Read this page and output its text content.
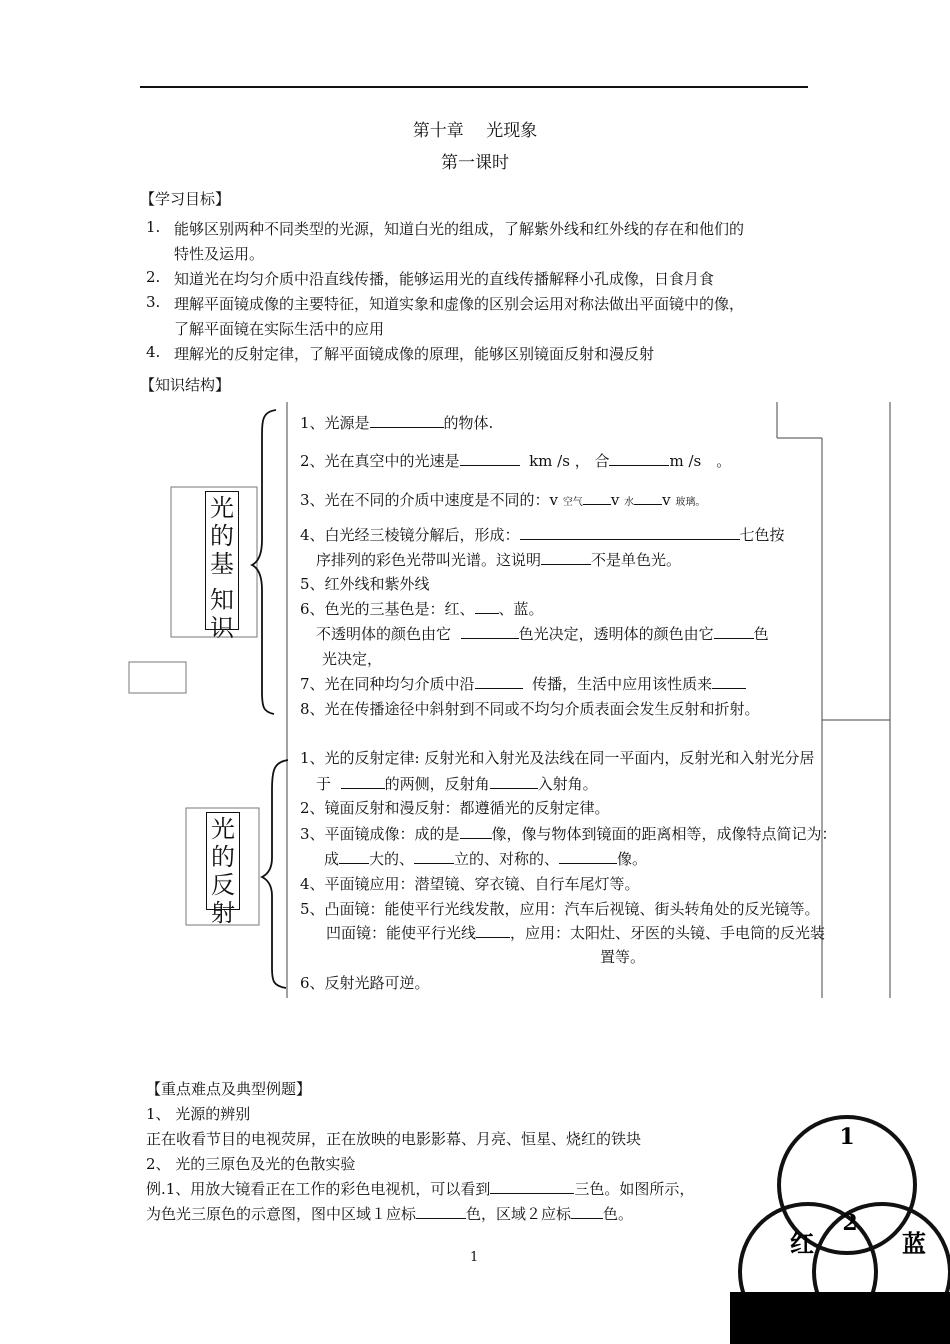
第十章　 光现象
第一课时
【学习目标】
1. 能够区别两种不同类型的光源，知道白光的组成，了解紫外线和红外线的存在和他们的
特性及运用。
2. 知道光在均匀介质中沿直线传播，能够运用光的直线传播解释小孔成像，日食月食
3. 理解平面镜成像的主要特征，知道实象和虚像的区别会运用对称法做出平面镜中的像，
了解平面镜在实际生活中的应用
4. 理解光的反射定律，了解平面镜成像的原理，能够区别镜面反射和漫反射
【知识结构】
光
的
基
知
识
1、光源是	的物体.
2、光在真空中的光速是	km /s ， 合	m /s　。
3、光在不同的介质中速度是不同的：v 空气 v 水 v 玻璃。
4、白光经三棱镜分解后，形成：	七色按
序排列的彩色光带叫光谱。这说明	不是单色光。
5、红外线和紫外线
6、色光的三基色是：红、 、蓝。
不透明体的颜色由它	色光决定，透明体的颜色由它	色
光决定，
7、光在同种均匀介质中沿	传播，生活中应用该性质来
8、光在传播途径中斜射到不同或不均匀介质表面会发生反射和折射。
光
的
反
射
1、光的反射定律: 反射光和入射光及法线在同一平面内，反射光和入射光分居
于	的两侧，反射角	入射角。
2、镜面反射和漫反射：都遵循光的反射定律。
3、平面镜成像：成的是 像，像与物体到镜面的距离相等，成像特点简记为：
成 大的、	立的、对称的、	像。
4、平面镜应用：潜望镜、穿衣镜、自行车尾灯等。
5、凸面镜：能使平行光线发散，应用：汽车后视镜、街头转角处的反光镜等。
凹面镜：能使平行光线 ，应用：太阳灶、牙医的头镜、手电筒的反光装
置等。
6、反射光路可逆。
【重点难点及典型例题】
1、 光源的辨别
正在收看节目的电视荧屏，正在放映的电影影幕、月亮、恒星、烧红的铁块
2、 光的三原色及光的色散实验
例.1、用放大镜看正在工作的彩色电视机，可以看到	三色。如图所示，
为色光三原色的示意图，图中区域１应标	色，区域２应标 色。
1
2
红	蓝
1
